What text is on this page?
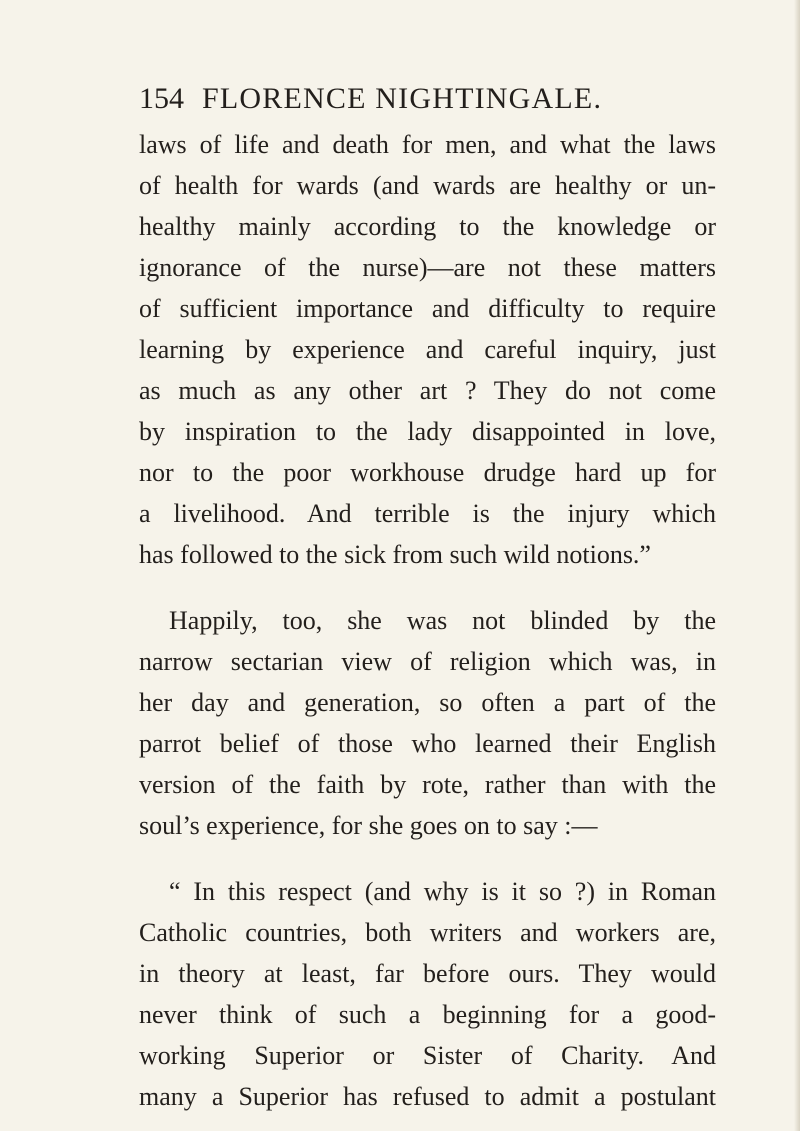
154 FLORENCE NIGHTINGALE.
laws of life and death for men, and what the laws
of health for wards (and wards are healthy or un-
healthy mainly according to the knowledge or
ignorance of the nurse)—are not these matters
of sufficient importance and difficulty to require
learning by experience and careful inquiry, just
as much as any other art ? They do not come
by inspiration to the lady disappointed in love,
nor to the poor workhouse drudge hard up for
a livelihood. And terrible is the injury which
has followed to the sick from such wild notions.”
Happily, too, she was not blinded by the
narrow sectarian view of religion which was, in
her day and generation, so often a part of the
parrot belief of those who learned their English
version of the faith by rote, rather than with the
soul’s experience, for she goes on to say :—
“ In this respect (and why is it so ?) in Roman
Catholic countries, both writers and workers are,
in theory at least, far before ours. They would
never think of such a beginning for a good-
working Superior or Sister of Charity. And
many a Superior has refused to admit a postulant
